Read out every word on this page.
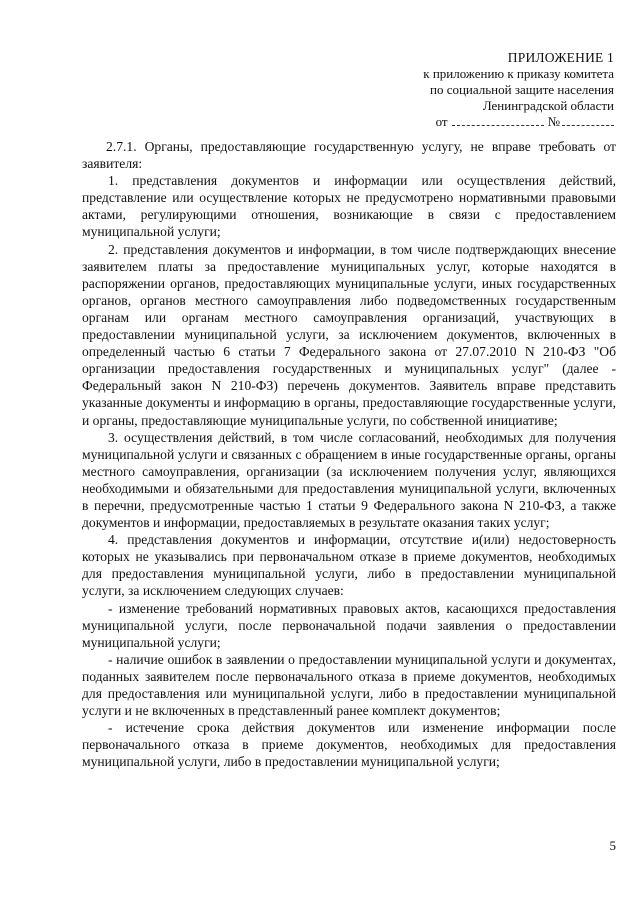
ПРИЛОЖЕНИЕ 1
к приложению к приказу комитета
по социальной защите населения
Ленинградской области
от	№

2.7.1. Органы, предоставляющие государственную услугу, не вправе требовать от заявителя:

1. представления документов и информации или осуществления действий, представление или осуществление которых не предусмотрено нормативными правовыми актами, регулирующими отношения, возникающие в связи с предоставлением муниципальной услуги;

2. представления документов и информации, в том числе подтверждающих внесение заявителем платы за предоставление муниципальных услуг, которые находятся в распоряжении органов, предоставляющих муниципальные услуги, иных государственных органов, органов местного самоуправления либо подведомственных государственным органам или органам местного самоуправления организаций, участвующих в предоставлении муниципальной услуги, за исключением документов, включенных в определенный частью 6 статьи 7 Федерального закона от 27.07.2010 N 210-ФЗ "Об организации предоставления государственных и муниципальных услуг" (далее - Федеральный закон N 210-ФЗ) перечень документов. Заявитель вправе представить указанные документы и информацию в органы, предоставляющие государственные услуги, и органы, предоставляющие муниципальные услуги, по собственной инициативе;

3. осуществления действий, в том числе согласований, необходимых для получения муниципальной услуги и связанных с обращением в иные государственные органы, органы местного самоуправления, организации (за исключением получения услуг, являющихся необходимыми и обязательными для предоставления муниципальной услуги, включенных в перечни, предусмотренные частью 1 статьи 9 Федерального закона N 210-ФЗ, а также документов и информации, предоставляемых в результате оказания таких услуг;

4. представления документов и информации, отсутствие и(или) недостоверность которых не указывались при первоначальном отказе в приеме документов, необходимых для предоставления муниципальной услуги, либо в предоставлении муниципальной услуги, за исключением следующих случаев:

- изменение требований нормативных правовых актов, касающихся предоставления муниципальной услуги, после первоначальной подачи заявления о предоставлении муниципальной услуги;

- наличие ошибок в заявлении о предоставлении муниципальной услуги и документах, поданных заявителем после первоначального отказа в приеме документов, необходимых для предоставления или муниципальной услуги, либо в предоставлении муниципальной услуги и не включенных в представленный ранее комплект документов;

- истечение срока действия документов или изменение информации после первоначального отказа в приеме документов, необходимых для предоставления муниципальной услуги, либо в предоставлении муниципальной услуги;

5
